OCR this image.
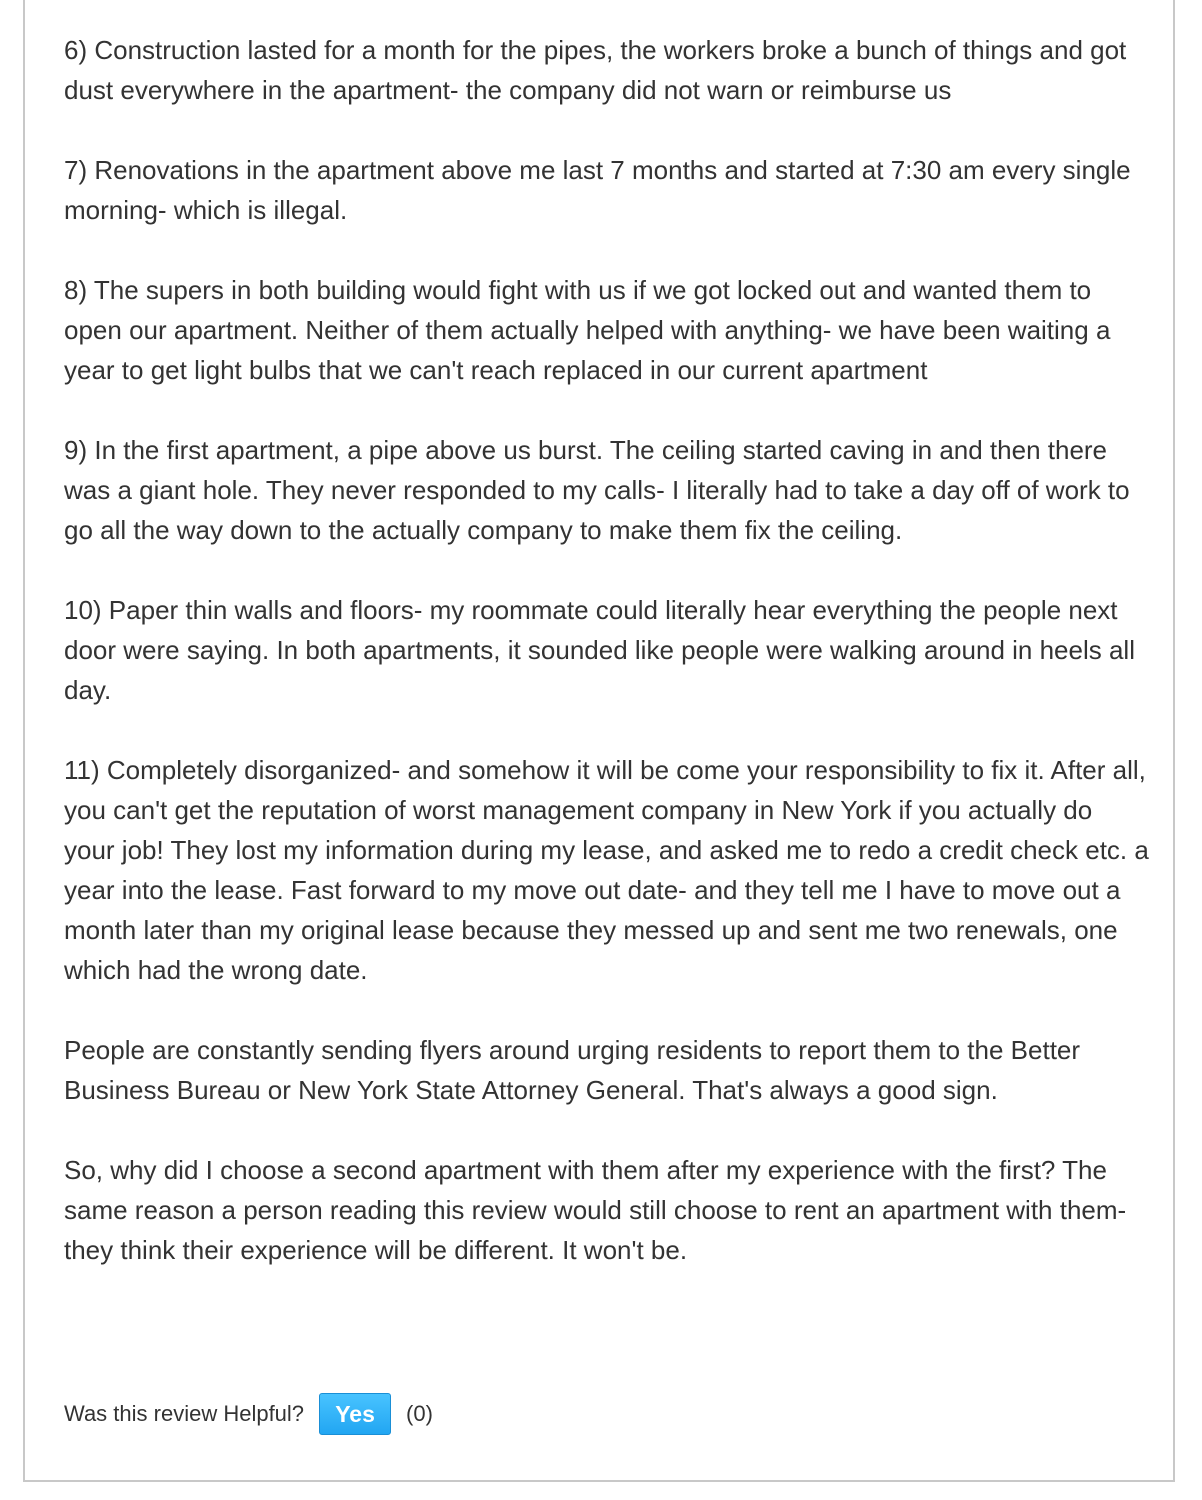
6) Construction lasted for a month for the pipes, the workers broke a bunch of things and got dust everywhere in the apartment- the company did not warn or reimburse us

7) Renovations in the apartment above me last 7 months and started at 7:30 am every single morning- which is illegal.

8) The supers in both building would fight with us if we got locked out and wanted them to open our apartment. Neither of them actually helped with anything- we have been waiting a year to get light bulbs that we can't reach replaced in our current apartment

9) In the first apartment, a pipe above us burst. The ceiling started caving in and then there was a giant hole. They never responded to my calls- I literally had to take a day off of work to go all the way down to the actually company to make them fix the ceiling.

10) Paper thin walls and floors- my roommate could literally hear everything the people next door were saying. In both apartments, it sounded like people were walking around in heels all day.

11) Completely disorganized- and somehow it will be come your responsibility to fix it. After all, you can't get the reputation of worst management company in New York if you actually do your job! They lost my information during my lease, and asked me to redo a credit check etc. a year into the lease. Fast forward to my move out date- and they tell me I have to move out a month later than my original lease because they messed up and sent me two renewals, one which had the wrong date.

People are constantly sending flyers around urging residents to report them to the Better Business Bureau or New York State Attorney General. That's always a good sign.

So, why did I choose a second apartment with them after my experience with the first? The same reason a person reading this review would still choose to rent an apartment with them- they think their experience will be different. It won't be.

Was this review Helpful?	Yes	(0)
